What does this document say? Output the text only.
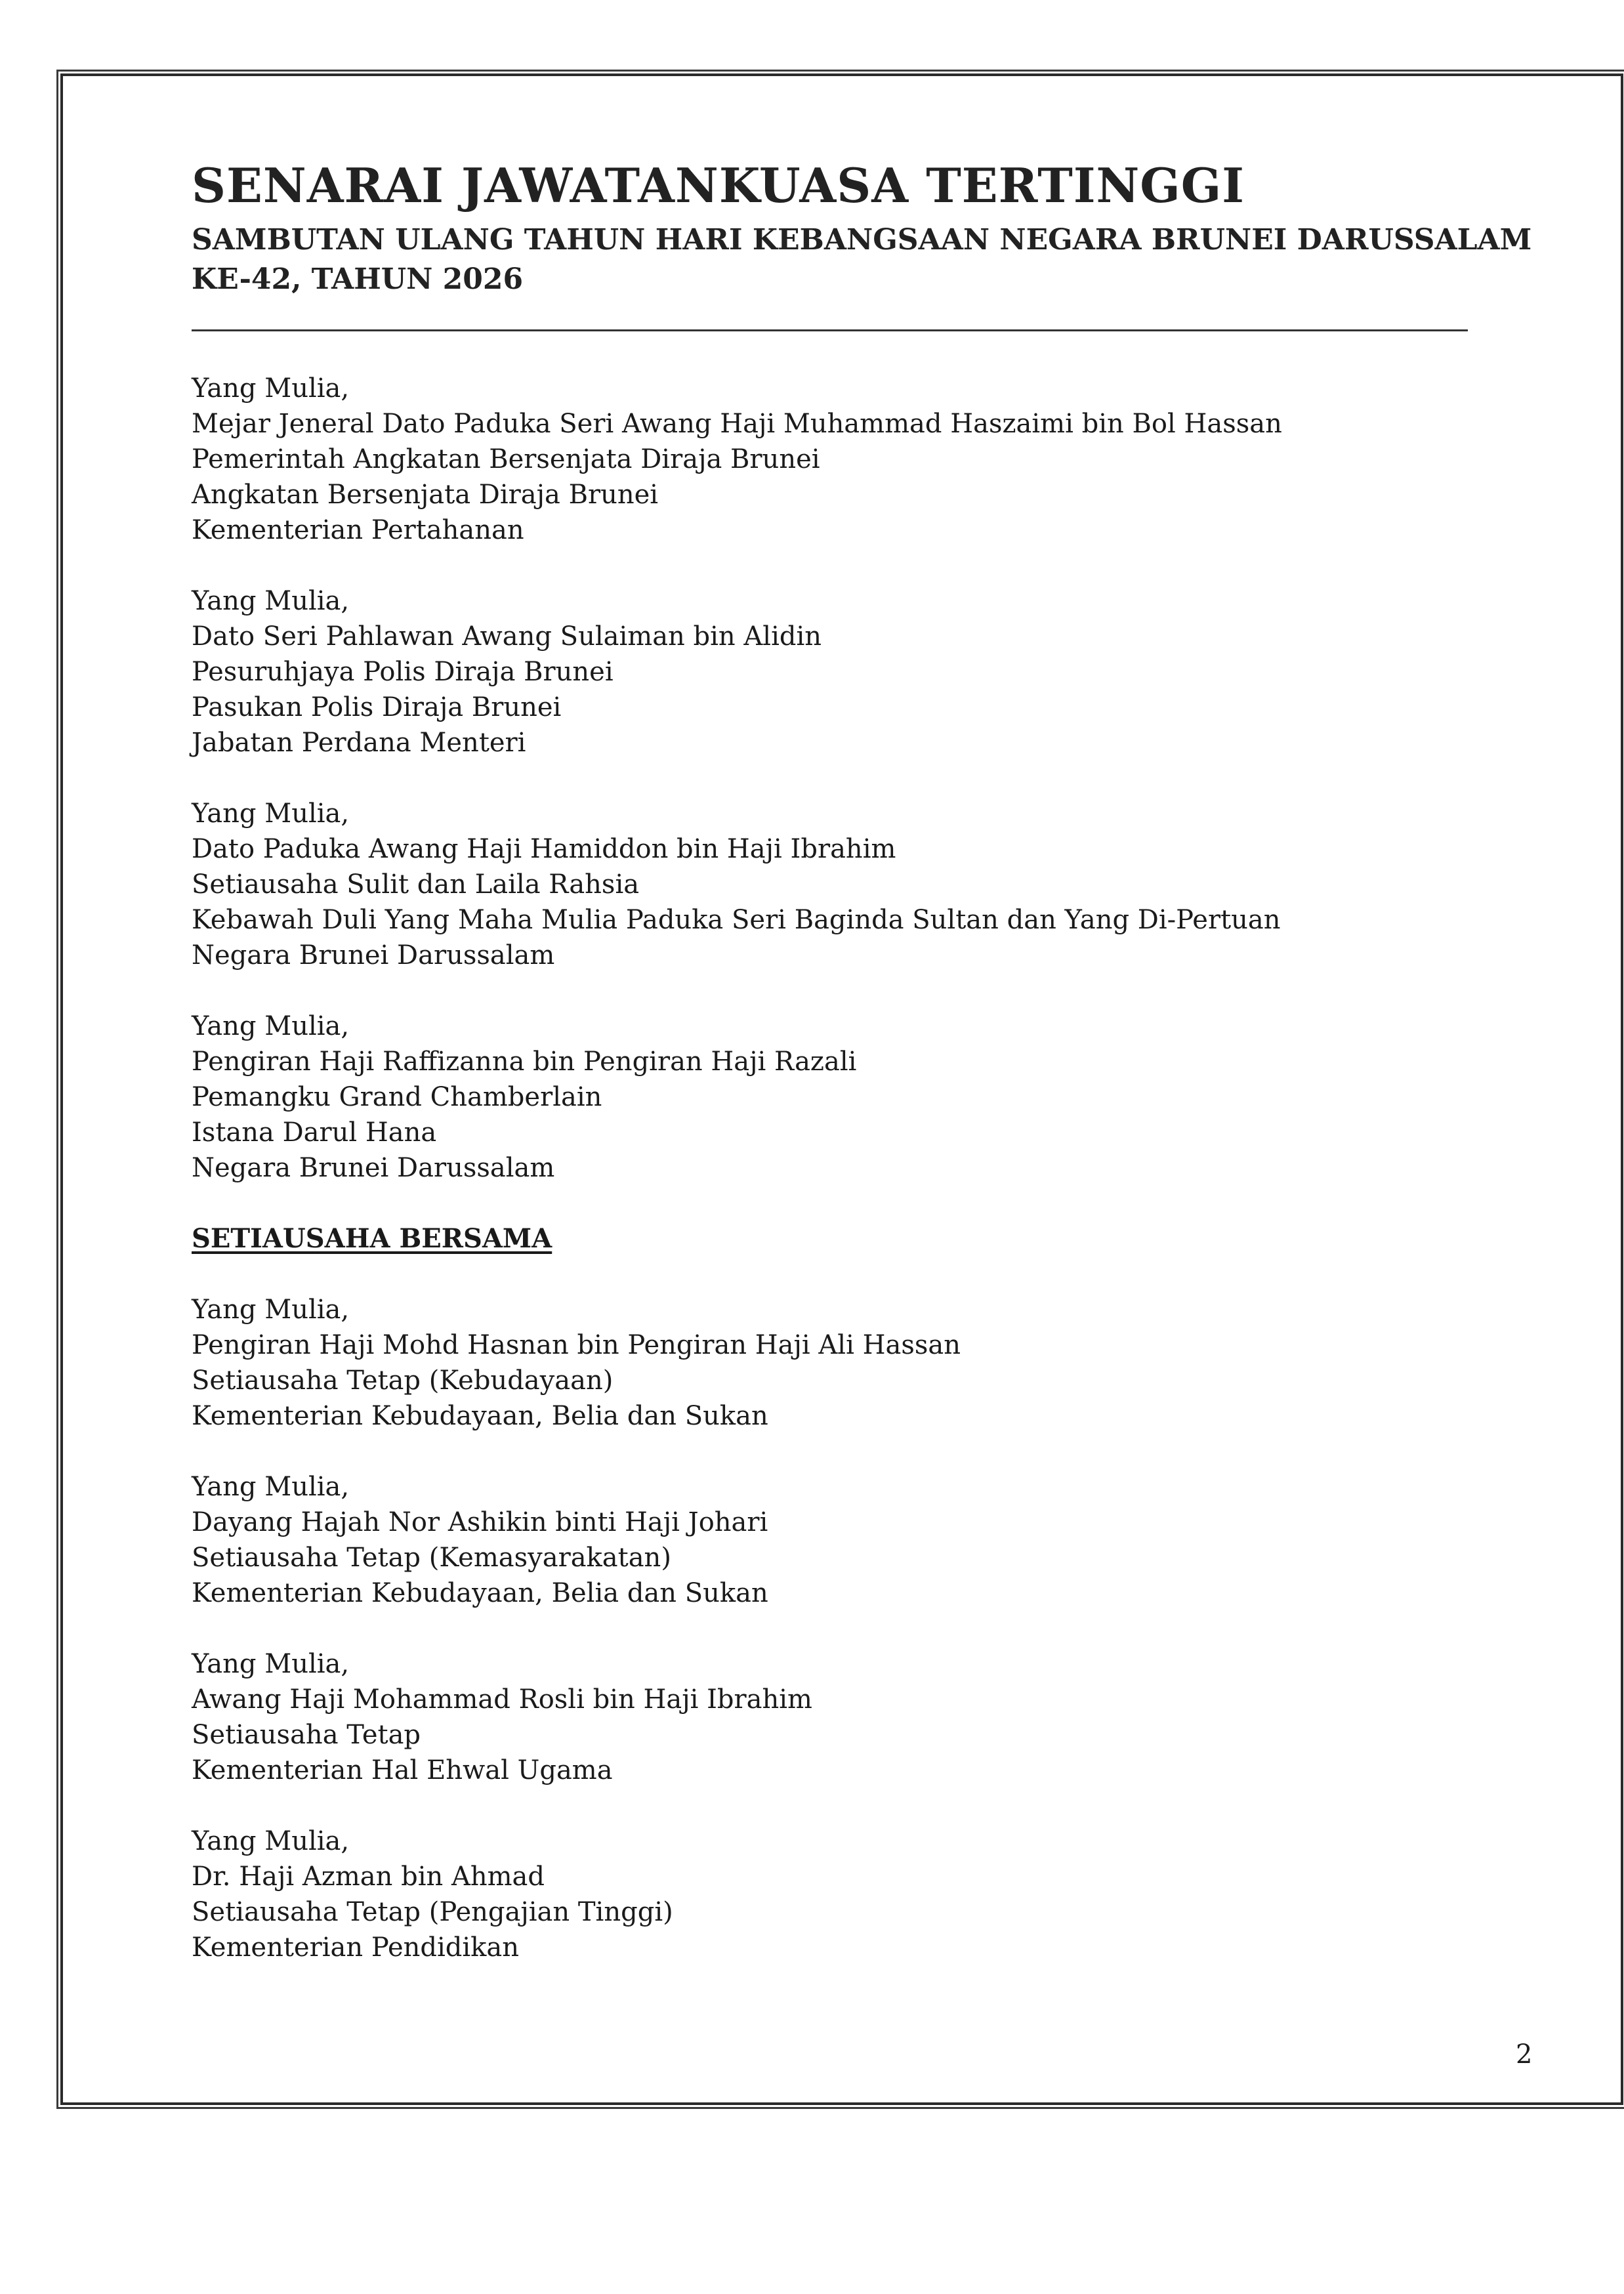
SENARAI JAWATANKUASA TERTINGGI
SAMBUTAN ULANG TAHUN HARI KEBANGSAAN NEGARA BRUNEI DARUSSALAM
KE-42, TAHUN 2026
Yang Mulia,
Mejar Jeneral Dato Paduka Seri Awang Haji Muhammad Haszaimi bin Bol Hassan
Pemerintah Angkatan Bersenjata Diraja Brunei
Angkatan Bersenjata Diraja Brunei
Kementerian Pertahanan
Yang Mulia,
Dato Seri Pahlawan Awang Sulaiman bin Alidin
Pesuruhjaya Polis Diraja Brunei
Pasukan Polis Diraja Brunei
Jabatan Perdana Menteri
Yang Mulia,
Dato Paduka Awang Haji Hamiddon bin Haji Ibrahim
Setiausaha Sulit dan Laila Rahsia
Kebawah Duli Yang Maha Mulia Paduka Seri Baginda Sultan dan Yang Di-Pertuan
Negara Brunei Darussalam
Yang Mulia,
Pengiran Haji Raffizanna bin Pengiran Haji Razali
Pemangku Grand Chamberlain
Istana Darul Hana
Negara Brunei Darussalam
SETIAUSAHA BERSAMA
Yang Mulia,
Pengiran Haji Mohd Hasnan bin Pengiran Haji Ali Hassan
Setiausaha Tetap (Kebudayaan)
Kementerian Kebudayaan, Belia dan Sukan
Yang Mulia,
Dayang Hajah Nor Ashikin binti Haji Johari
Setiausaha Tetap (Kemasyarakatan)
Kementerian Kebudayaan, Belia dan Sukan
Yang Mulia,
Awang Haji Mohammad Rosli bin Haji Ibrahim
Setiausaha Tetap
Kementerian Hal Ehwal Ugama
Yang Mulia,
Dr. Haji Azman bin Ahmad
Setiausaha Tetap (Pengajian Tinggi)
Kementerian Pendidikan
2
